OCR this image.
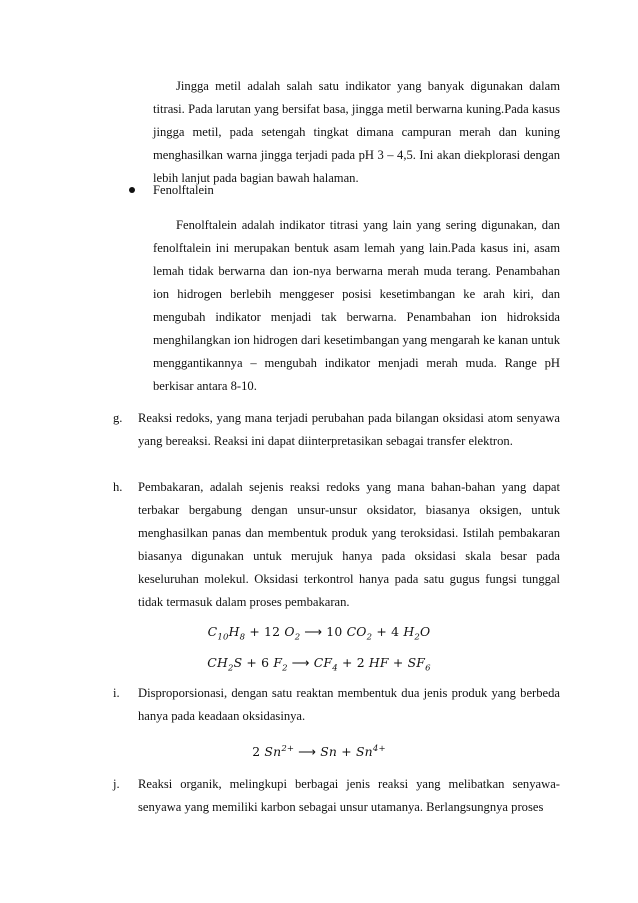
Jingga metil adalah salah satu indikator yang banyak digunakan dalam titrasi. Pada larutan yang bersifat basa, jingga metil berwarna kuning.Pada kasus jingga metil, pada setengah tingkat dimana campuran merah dan kuning menghasilkan warna jingga terjadi pada pH 3 – 4,5. Ini akan diekplorasi dengan lebih lanjut pada bagian bawah halaman.
Fenolftalein
Fenolftalein adalah indikator titrasi yang lain yang sering digunakan, dan fenolftalein ini merupakan bentuk asam lemah yang lain.Pada kasus ini, asam lemah tidak berwarna dan ion-nya berwarna merah muda terang. Penambahan ion hidrogen berlebih menggeser posisi kesetimbangan ke arah kiri, dan mengubah indikator menjadi tak berwarna. Penambahan ion hidroksida menghilangkan ion hidrogen dari kesetimbangan yang mengarah ke kanan untuk menggantikannya – mengubah indikator menjadi merah muda. Range pH berkisar antara 8-10.
g. Reaksi redoks, yang mana terjadi perubahan pada bilangan oksidasi atom senyawa yang bereaksi. Reaksi ini dapat diinterpretasikan sebagai transfer elektron.
h. Pembakaran, adalah sejenis reaksi redoks yang mana bahan-bahan yang dapat terbakar bergabung dengan unsur-unsur oksidator, biasanya oksigen, untuk menghasilkan panas dan membentuk produk yang teroksidasi. Istilah pembakaran biasanya digunakan untuk merujuk hanya pada oksidasi skala besar pada keseluruhan molekul. Oksidasi terkontrol hanya pada satu gugus fungsi tunggal tidak termasuk dalam proses pembakaran.
$C_{10}H_8 + 12$ $O_2$ ⟶ 10 $CO_2 + 4$ $H_2O$
$CH_2S + 6$ $F_2$ ⟶ $CF_4 + 2$ HF + $SF_6$
i. Disproporsionasi, dengan satu reaktan membentuk dua jenis produk yang berbeda hanya pada keadaan oksidasinya.
2 $Sn^{2+}$ ⟶ $Sn + Sn^{4+}$
j. Reaksi organik, melingkupi berbagai jenis reaksi yang melibatkan senyawa-senyawa yang memiliki karbon sebagai unsur utamanya. Berlangsungnya proses
